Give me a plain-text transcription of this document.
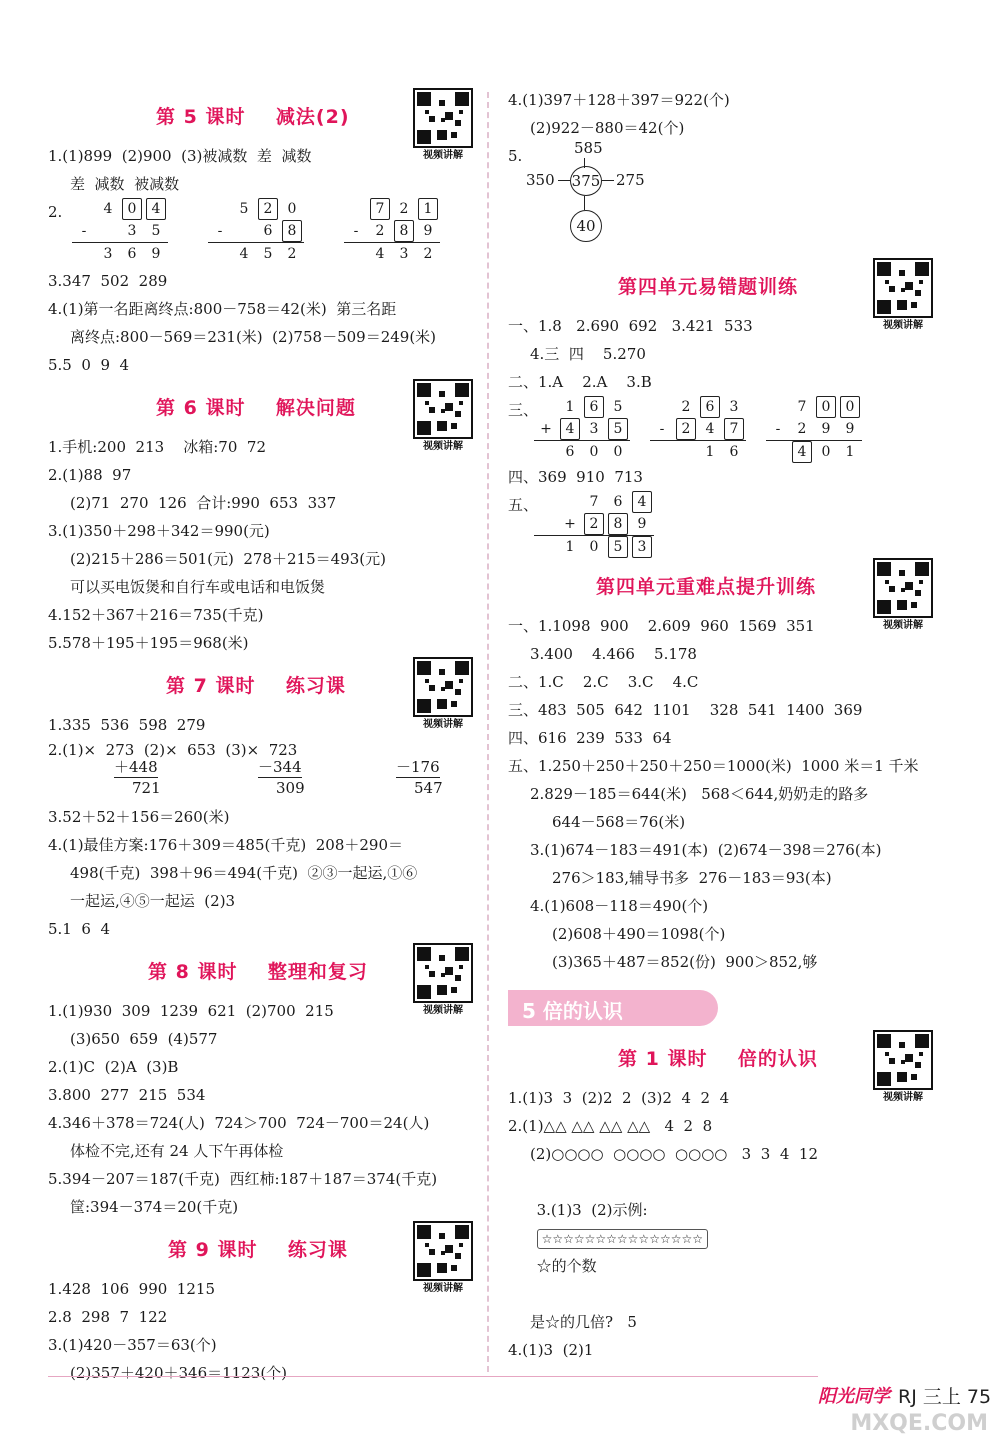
第 5 课时    减法(2)
视频讲解
1.(1)899  (2)900  (3)被减数  差  减数
差  减数  被减数
2.
		4	0	4
-		3	5
	3	6	9
	5	2	0
-		6	8
	4	5	2
	7	2	1
-	2	8	9
	4	3	2
3.347  502  289
4.(1)第一名距离终点:800－758＝42(米)  第三名距
离终点:800－569＝231(米)  (2)758－509＝249(米)
5.5  0  9  4
第 6 课时    解决问题
视频讲解
1.手机:200  213    冰箱:70  72
2.(1)88  97
(2)71  270  126  合计:990  653  337
3.(1)350＋298＋342＝990(元)
(2)215＋286＝501(元)  278＋215＝493(元)
可以买电饭煲和自行车或电话和电饭煲
4.152＋367＋216＝735(千克)
5.578＋195＋195＝968(米)
第 7 课时    练习课
视频讲解
1.335  536  598  279
2.(1)×  273  (2)×  653  (3)×  723
＋448	－344	－176
721	309	547
3.52＋52＋156＝260(米)
4.(1)最佳方案:176＋309＝485(千克)  208＋290＝
498(千克)  398＋96＝494(千克)  ②③一起运,①⑥
一起运,④⑤一起运  (2)3
5.1  6  4
第 8 课时    整理和复习
视频讲解
1.(1)930  309  1239  621  (2)700  215
(3)650  659  (4)577
2.(1)C  (2)A  (3)B
3.800  277  215  534
4.346＋378＝724(人)  724＞700  724－700＝24(人)
体检不完,还有 24 人下午再体检
5.394－207＝187(千克)  西红柿:187＋187＝374(千克)
筐:394－374＝20(千克)
第 9 课时    练习课
视频讲解
1.428  106  990  1215
2.8  298  7  122
3.(1)420－357＝63(个)
(2)357＋420＋346＝1123(个)
4.(1)397＋128＋397＝922(个)
(2)922－880＝42(个)
5.	585
350 375 275
40
第四单元易错题训练
视频讲解
一、1.8   2.690  692   3.421  533
4.三  四    5.270
二、1.A    2.A    3.B
三、
	1	6	5
+	4	3	5
	6	0	0
	2	6	3
-	2	4	7
		1	6
	7	0	0
-	2	9	9
	4	0	1
四、369  910  713
五、
			7	6	4
	+	2	8	9
	1	0	5	3
第四单元重难点提升训练
视频讲解
一、1.1098  900    2.609  960  1569  351
3.400    4.466    5.178
二、1.C    2.C    3.C    4.C
三、483  505  642  1101    328  541  1400  369
四、616  239  533  64
五、1.250＋250＋250＋250＝1000(米)  1000 米＝1 千米
2.829－185＝644(米)   568＜644,奶奶走的路多
644－568＝76(米)
3.(1)674－183＝491(本)  (2)674－398＝276(本)
276＞183,辅导书多  276－183＝93(本)
4.(1)608－118＝490(个)
(2)608＋490＝1098(个)
(3)365＋487＝852(份)  900＞852,够
5 倍的认识
第 1 课时    倍的认识
视频讲解
1.(1)3  3  (2)2  2  (3)2  4  2  4
2.(1)△△ △△ △△ △△   4  2  8
(2)○○○○  ○○○○  ○○○○   3  3  4  12

3.(1)3  (2)示例:
☆☆☆☆☆☆☆☆☆☆☆☆☆☆☆
☆的个数

是☆的几倍?   5
4.(1)3  (2)1
阳光同学 RJ 三上 75
MXQE.COM
